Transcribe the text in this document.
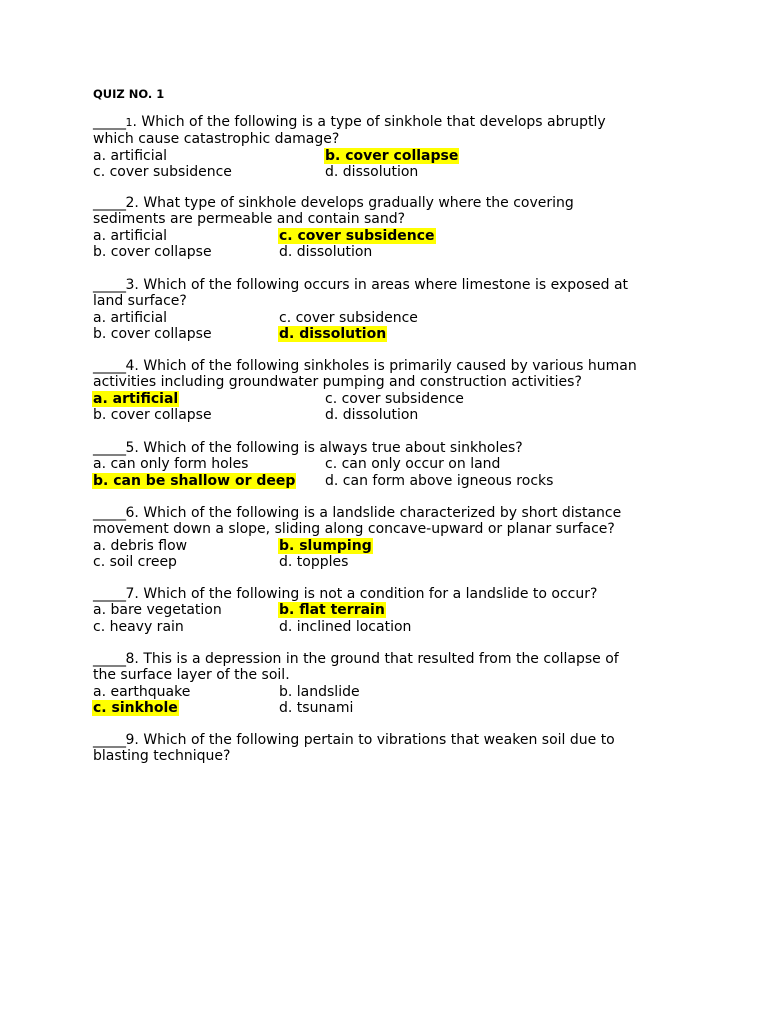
QUIZ NO. 1
_____1. Which of the following is a type of sinkhole that develops abruptly
which cause catastrophic damage?
a. artificial	b. cover collapse
c. cover subsidence	d. dissolution
_____2. What type of sinkhole develops gradually where the covering
sediments are permeable and contain sand?
a. artificial	c. cover subsidence
b. cover collapse	d. dissolution
_____3. Which of the following occurs in areas where limestone is exposed at
land surface?
a. artificial	c. cover subsidence
b. cover collapse	d. dissolution
_____4. Which of the following sinkholes is primarily caused by various human
activities including groundwater pumping and construction activities?
a. artificial	c. cover subsidence
b. cover collapse	d. dissolution
_____5. Which of the following is always true about sinkholes?
a. can only form holes	c. can only occur on land
b. can be shallow or deep	d. can form above igneous rocks
_____6. Which of the following is a landslide characterized by short distance
movement down a slope, sliding along concave-upward or planar surface?
a. debris flow	b. slumping
c. soil creep	d. topples
_____7. Which of the following is not a condition for a landslide to occur?
a. bare vegetation	b. flat terrain
c. heavy rain	d. inclined location
_____8. This is a depression in the ground that resulted from the collapse of
the surface layer of the soil.
a. earthquake	b. landslide
c. sinkhole	d. tsunami
_____9. Which of the following pertain to vibrations that weaken soil due to
blasting technique?
